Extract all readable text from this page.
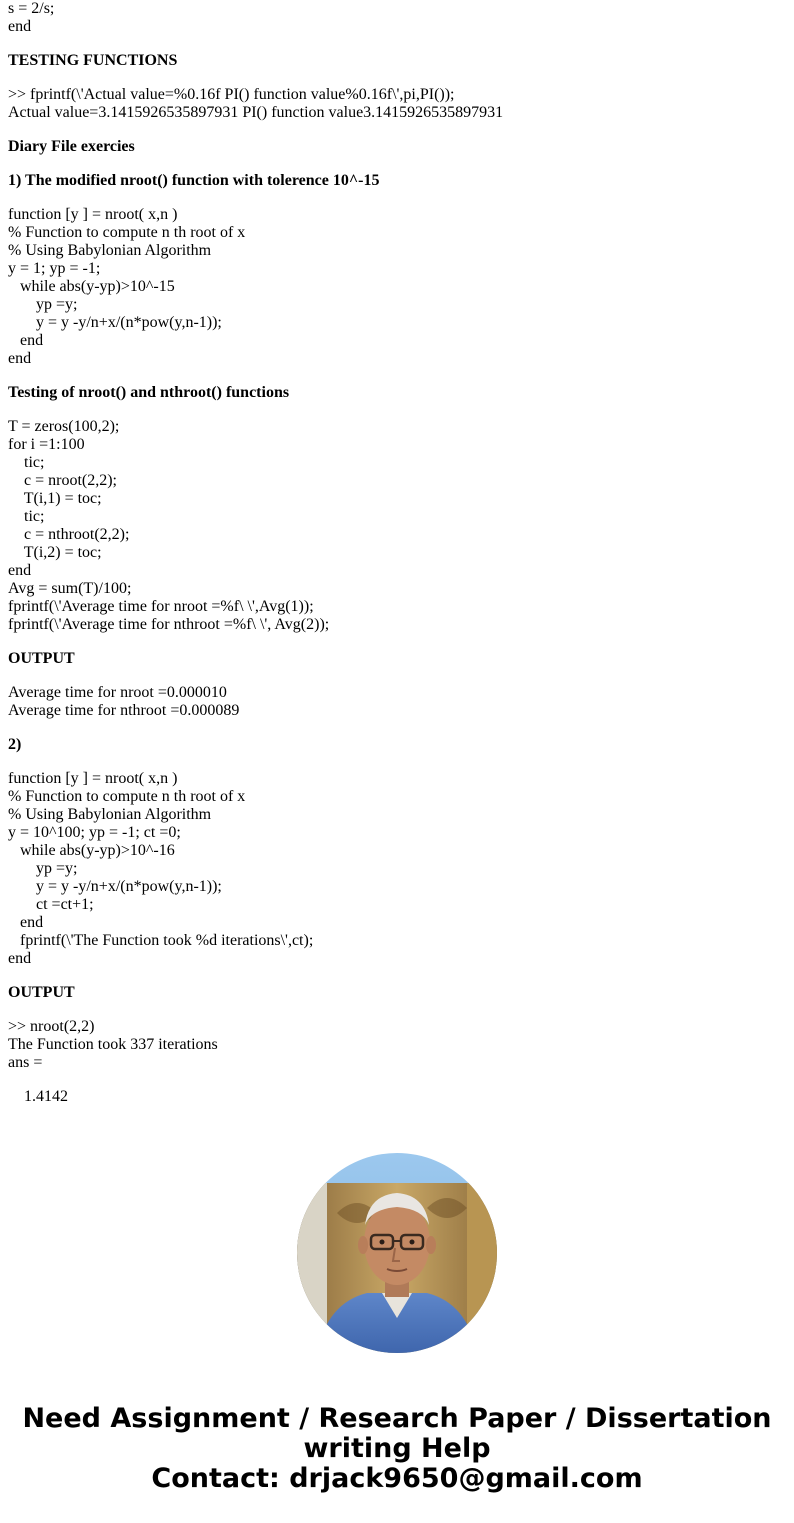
s = 2/s;
end
TESTING FUNCTIONS
>> fprintf(\'Actual value=%0.16f PI() function value%0.16f\',pi,PI());
Actual value=3.1415926535897931 PI() function value3.1415926535897931
Diary File exercies
1) The modified nroot() function with tolerence 10^-15
function [y ] = nroot( x,n )
% Function to compute n th root of x
% Using Babylonian Algorithm
y = 1; yp = -1;
while abs(y-yp)>10^-15
yp =y;
y = y -y/n+x/(n*pow(y,n-1));
end
end
Testing of nroot() and nthroot() functions
T = zeros(100,2);
for i =1:100
tic;
c = nroot(2,2);
T(i,1) = toc;
tic;
c = nthroot(2,2);
T(i,2) = toc;
end
Avg = sum(T)/100;
fprintf(\'Average time for nroot =%f\ \',Avg(1));
fprintf(\'Average time for nthroot =%f\ \', Avg(2));
OUTPUT
Average time for nroot =0.000010
Average time for nthroot =0.000089
2)
function [y ] = nroot( x,n )
% Function to compute n th root of x
% Using Babylonian Algorithm
y = 10^100; yp = -1; ct =0;
while abs(y-yp)>10^-16
yp =y;
y = y -y/n+x/(n*pow(y,n-1));
ct =ct+1;
end
fprintf(\'The Function took %d iterations\',ct);
end
OUTPUT
>> nroot(2,2)
The Function took 337 iterations
ans =
1.4142
Need Assignment / Research Paper / Dissertation
writing Help
Contact: drjack9650@gmail.com
